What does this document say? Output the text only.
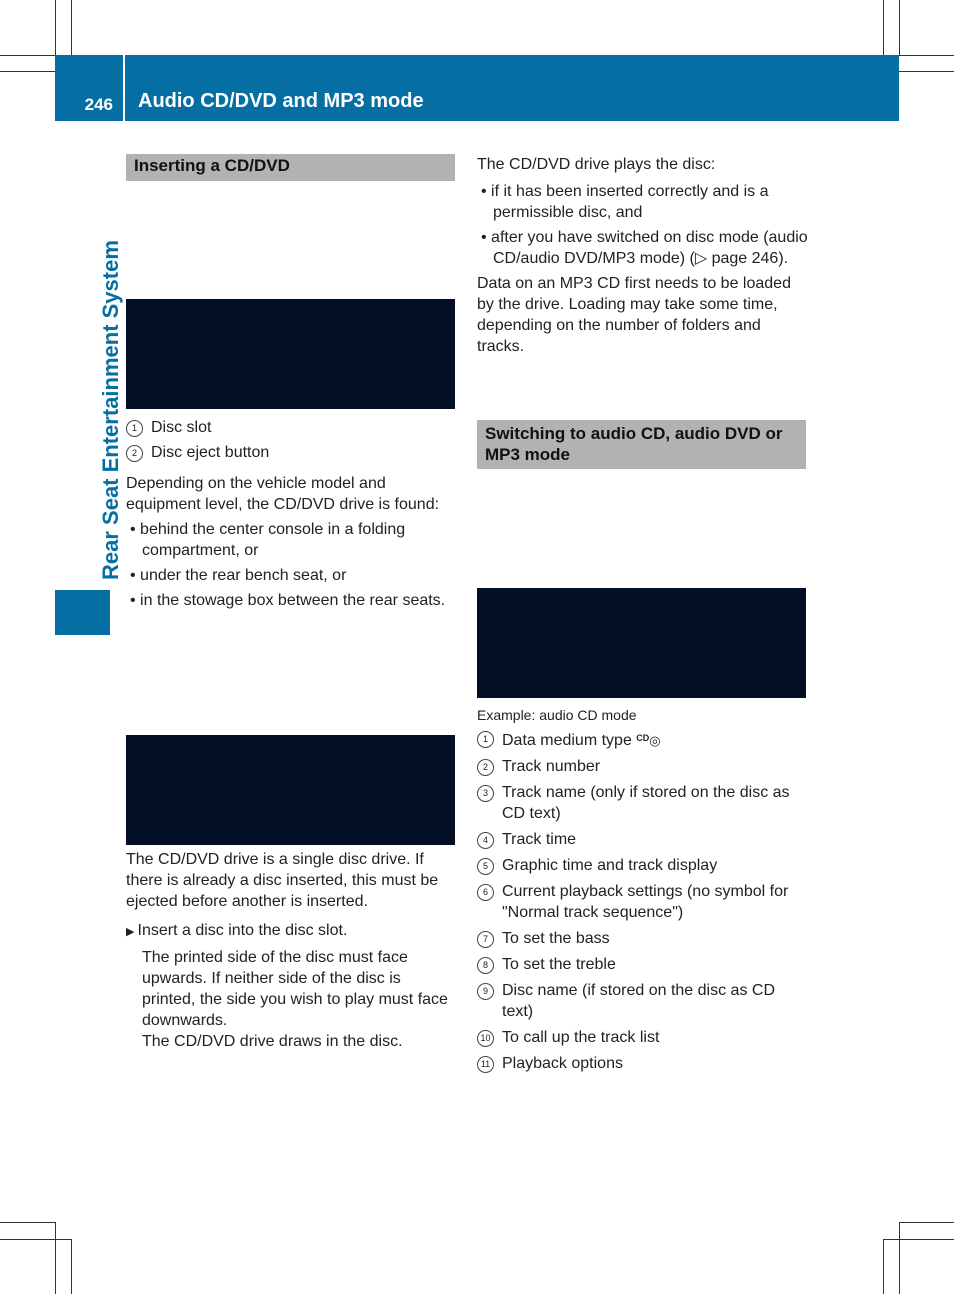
246	Audio CD/DVD and MP3 mode
Rear Seat Entertainment System
Inserting a CD/DVD
1 Disc slot
2 Disc eject button

Depending on the vehicle model and equipment level, the CD/DVD drive is found:

• behind the center console in a folding compartment, or
• under the rear bench seat, or
• in the stowage box between the rear seats.

The CD/DVD drive is a single disc drive. If there is already a disc inserted, this must be ejected before another is inserted.

▶ Insert a disc into the disc slot.

The printed side of the disc must face upwards. If neither side of the disc is printed, the side you wish to play must face downwards.

The CD/DVD drive draws in the disc.

The CD/DVD drive plays the disc:

• if it has been inserted correctly and is a permissible disc, and
• after you have switched on disc mode (audio CD/audio DVD/MP3 mode) (▷ page 246).

Data on an MP3 CD first needs to be loaded by the drive. Loading may take some time, depending on the number of folders and tracks.

Switching to audio CD, audio DVD or MP3 mode
Example: audio CD mode
1 Data medium type $^{CD}$◎
2 Track number
3 Track name (only if stored on the disc as CD text)
4 Track time
5 Graphic time and track display
6 Current playback settings (no symbol for "Normal track sequence")
7 To set the bass
8 To set the treble
9 Disc name (if stored on the disc as CD text)
10 To call up the track list
11 Playback options
